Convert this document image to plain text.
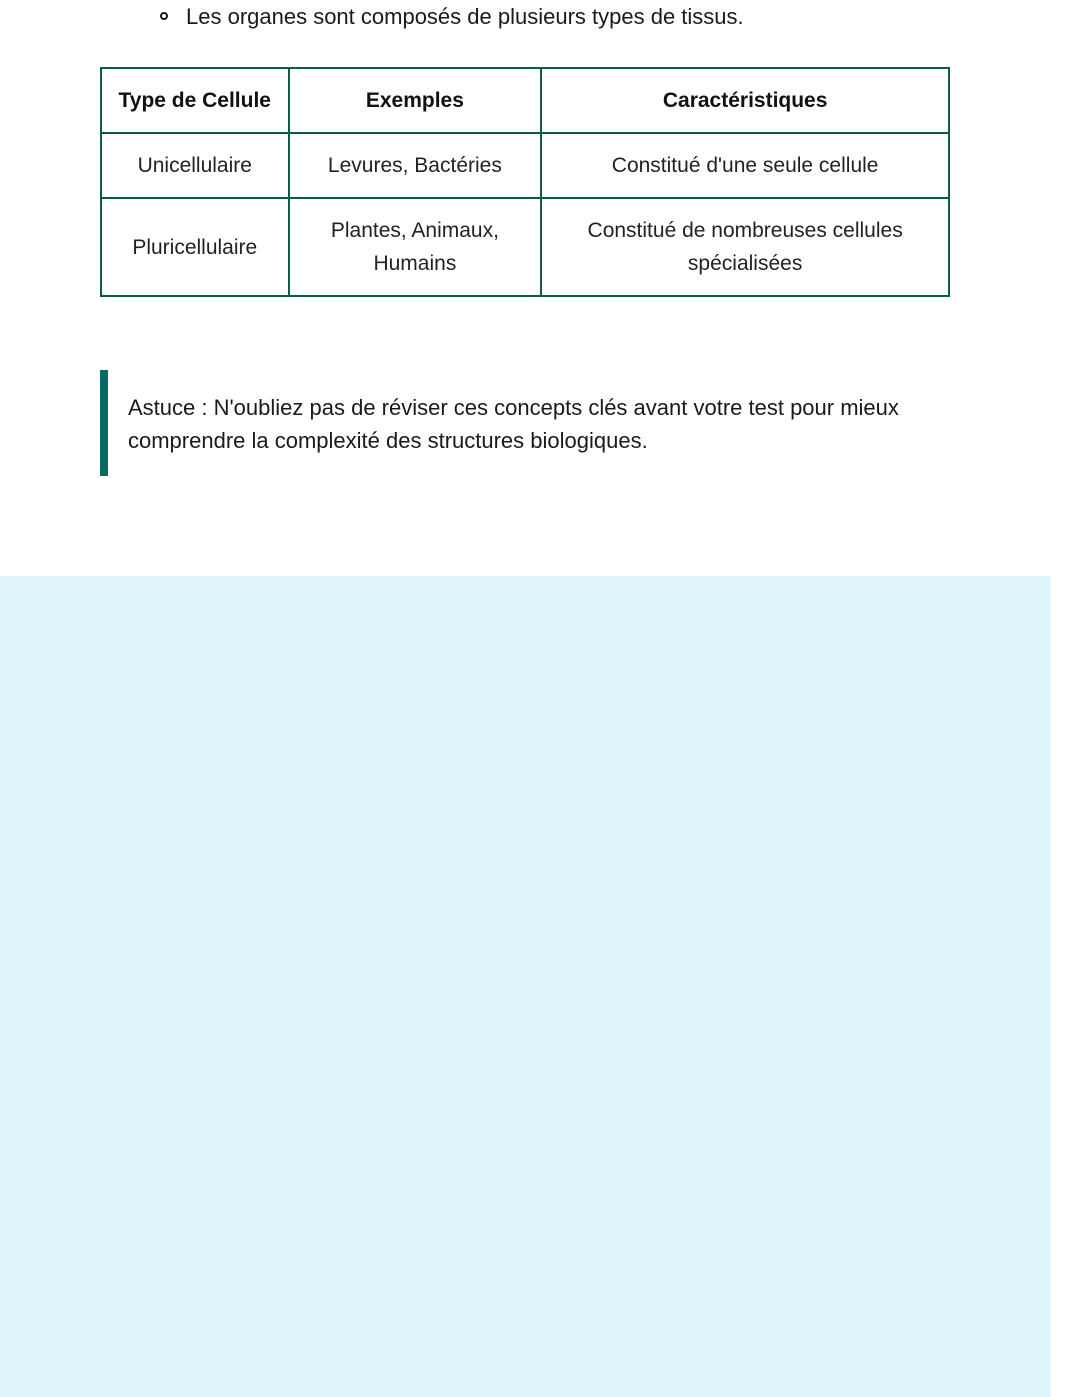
Les organes sont composés de plusieurs types de tissus.
Type de Cellule	Exemples	Caractéristiques
Unicellulaire	Levures, Bactéries	Constitué d'une seule cellule
Pluricellulaire	Plantes, Animaux, Humains	Constitué de nombreuses cellules spécialisées
Astuce : N'oubliez pas de réviser ces concepts clés avant votre test pour mieux comprendre la complexité des structures biologiques.
